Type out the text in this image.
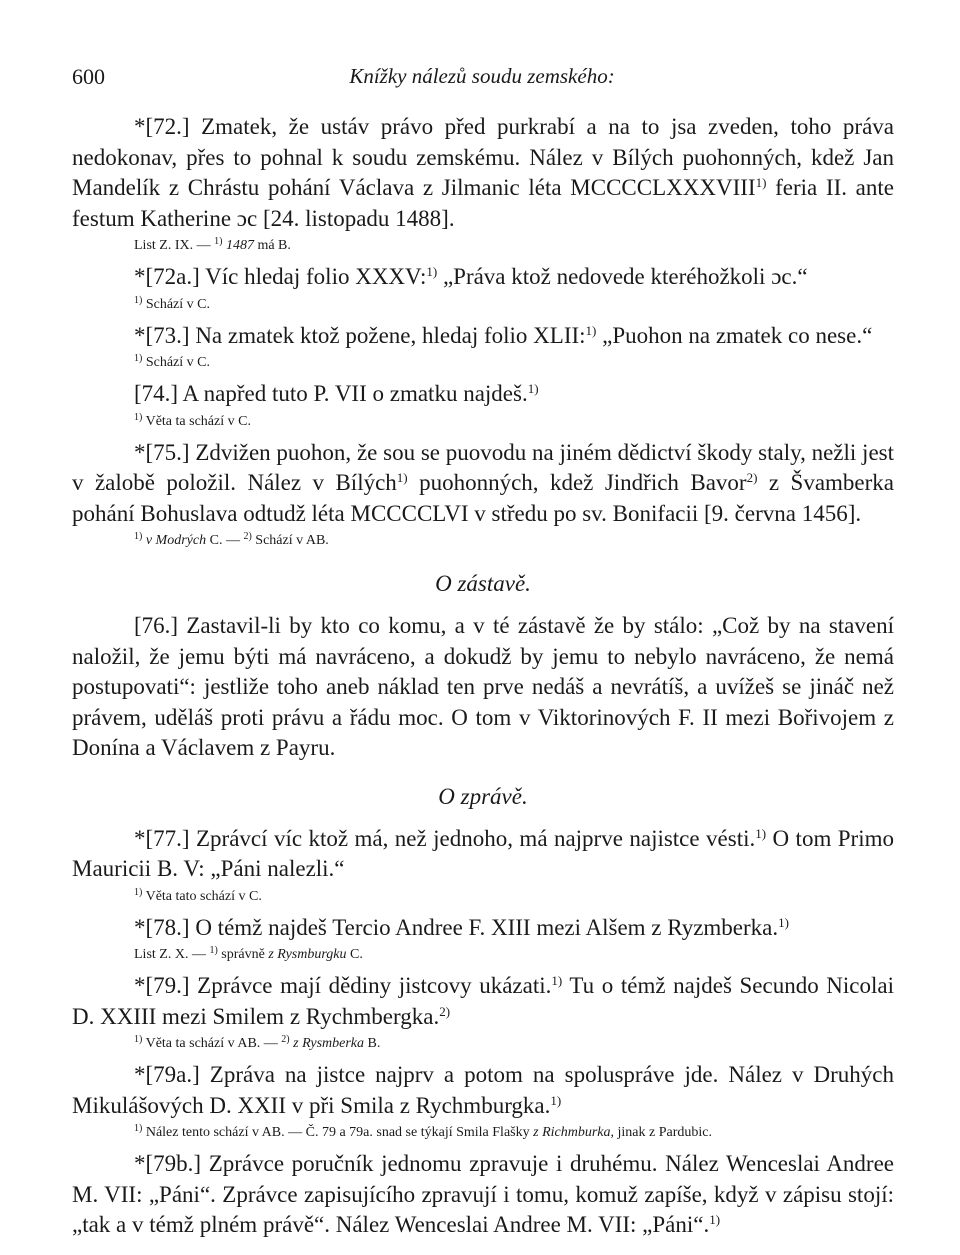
600	Knížky nálezů soudu zemského:

*[72.] Zmatek, že ustáv právo před purkrabí a na to jsa zveden, toho práva nedokonav, přes to pohnal k soudu zemskému. Nález v Bílých puohonných, kdež Jan Mandelík z Chrástu pohání Václava z Jilmanic léta MCCCCLXXXVIII$^{1)}$ feria II. ante festum Katherine ɔc [24. listopadu 1488].

List Z. IX. — $^{1)}$ 1487 má B.

*[72a.] Víc hledaj folio XXXV:$^{1)}$ „Práva ktož nedovede kteréhožkoli ɔc.“

$^{1)}$ Schází v C.

*[73.] Na zmatek ktož požene, hledaj folio XLII:$^{1)}$ „Puohon na zmatek co nese.“

$^{1)}$ Schází v C.

[74.] A napřed tuto P. VII o zmatku najdeš.$^{1)}$

$^{1)}$ Věta ta schází v C.

*[75.] Zdvižen puohon, že sou se puovodu na jiném dědictví škody staly, nežli jest v žalobě položil. Nález v Bílých$^{1)}$ puohonných, kdež Jindřich Bavor$^{2)}$ z Švamberka pohání Bohuslava odtudž léta MCCCCLVI v středu po sv. Bonifacii [9. června 1456].

$^{1)}$ v Modrých C. — $^{2)}$ Schází v AB.

O zástavě.

[76.] Zastavil-li by kto co komu, a v té zástavě že by stálo: „Což by na stavení naložil, že jemu býti má navráceno, a dokudž by jemu to nebylo navráceno, že nemá postupovati“: jestliže toho aneb náklad ten prve nedáš a nevrátíš, a uvížeš se jináč než právem, uděláš proti právu a řádu moc. O tom v Viktorinových F. II mezi Bořivojem z Donína a Václavem z Payru.

O zprávě.

*[77.] Zprávcí víc ktož má, než jednoho, má najprve najistce vésti.$^{1)}$ O tom Primo Mauricii B. V: „Páni nalezli.“

$^{1)}$ Věta tato schází v C.

*[78.] O témž najdeš Tercio Andree F. XIII mezi Alšem z Ryzmberka.$^{1)}$

List Z. X. — $^{1)}$ správně z Rysmburgku C.

*[79.] Zprávce mají dědiny jistcovy ukázati.$^{1)}$ Tu o témž najdeš Secundo Nicolai D. XXIII mezi Smilem z Rychmbergka.$^{2)}$

$^{1)}$ Věta ta schází v AB. — $^{2)}$ z Rysmberka B.

*[79a.] Zpráva na jistce najprv a potom na spoluspráve jde. Nález v Druhých Mikulášových D. XXII v při Smila z Rychmburgka.$^{1)}$

$^{1)}$ Nález tento schází v AB. — Č. 79 a 79a. snad se týkají Smila Flašky z Richmburka, jinak z Pardubic.

*[79b.] Zprávce poručník jednomu zpravuje i druhému. Nález Wenceslai Andree M. VII: „Páni“. Zprávce zapisujícího zpravují i tomu, komuž zapíše, když v zápisu stojí: „tak a v témž plném právě“. Nález Wenceslai Andree M. VII: „Páni“.$^{1)}$
